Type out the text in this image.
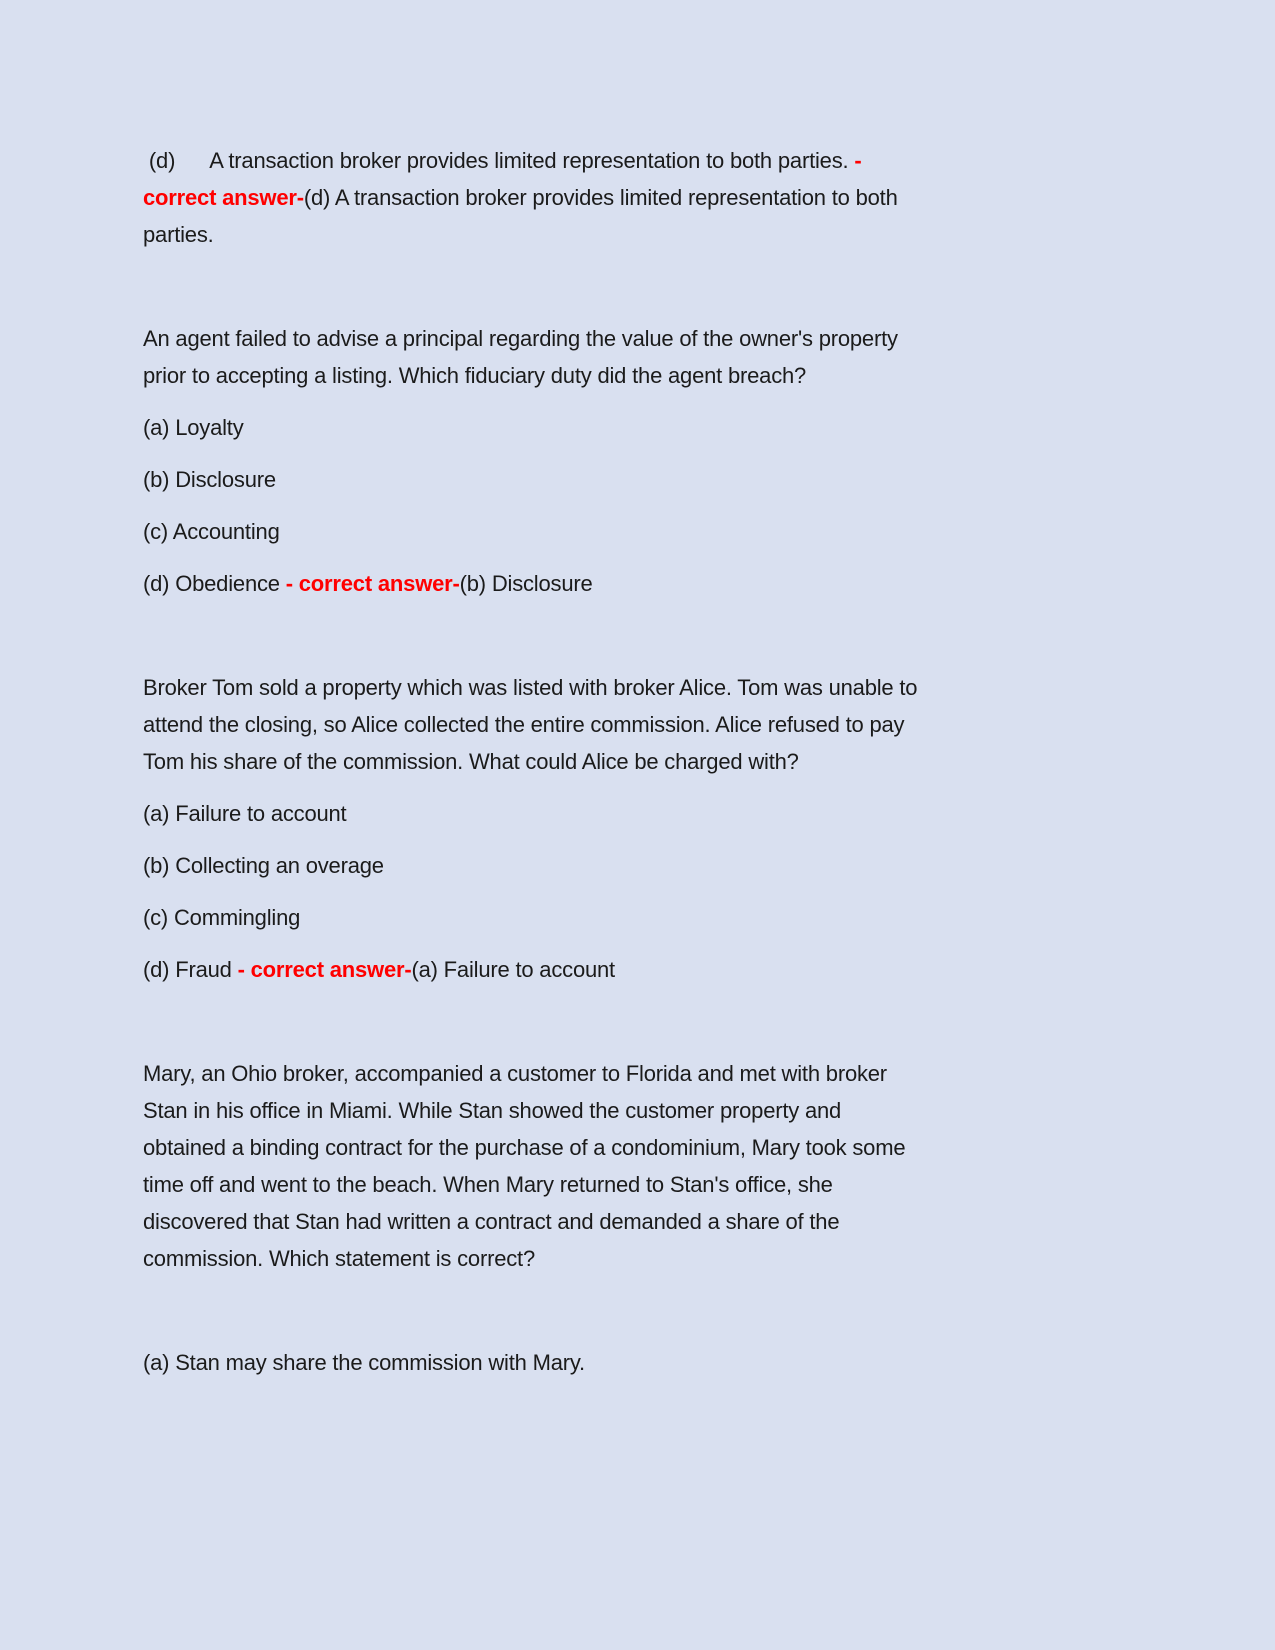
(d) A transaction broker provides limited representation to both parties. -
correct answer-(d) A transaction broker provides limited representation to both
parties.
An agent failed to advise a principal regarding the value of the owner's property
prior to accepting a listing. Which fiduciary duty did the agent breach?
(a) Loyalty
(b) Disclosure
(c) Accounting
(d) Obedience - correct answer-(b) Disclosure
Broker Tom sold a property which was listed with broker Alice. Tom was unable to
attend the closing, so Alice collected the entire commission. Alice refused to pay
Tom his share of the commission. What could Alice be charged with?
(a) Failure to account
(b) Collecting an overage
(c) Commingling
(d) Fraud - correct answer-(a) Failure to account
Mary, an Ohio broker, accompanied a customer to Florida and met with broker
Stan in his office in Miami. While Stan showed the customer property and
obtained a binding contract for the purchase of a condominium, Mary took some
time off and went to the beach. When Mary returned to Stan's office, she
discovered that Stan had written a contract and demanded a share of the
commission. Which statement is correct?
(a) Stan may share the commission with Mary.
